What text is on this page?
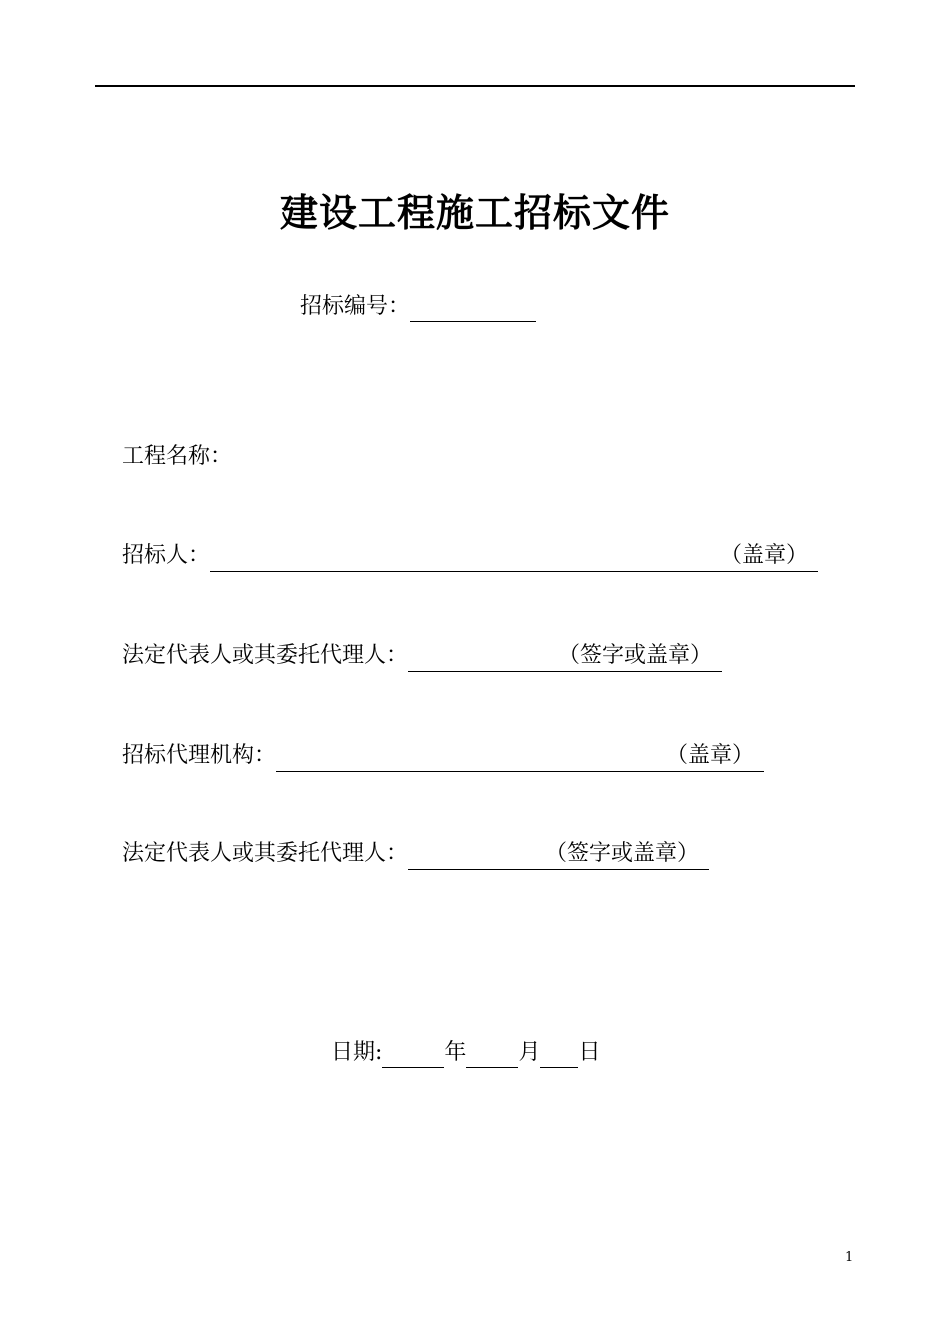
建设工程施工招标文件
招标编号：
工程名称：
招标人：	（盖章）
法定代表人或其委托代理人：	（签字或盖章）
招标代理机构：	（盖章）
法定代表人或其委托代理人：	（签字或盖章）
日期:	年 月 日
1
